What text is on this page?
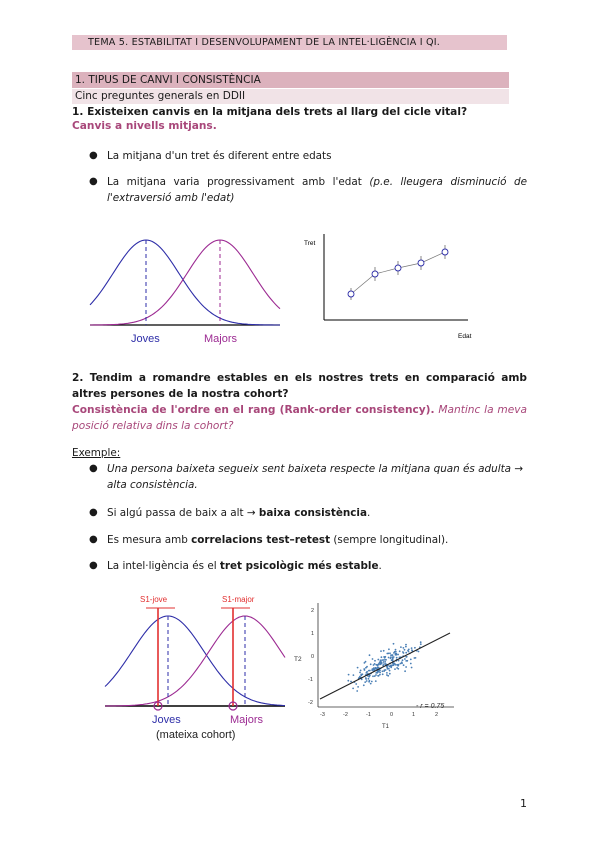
TEMA 5. ESTABILITAT I DESENVOLUPAMENT DE LA INTEL·LIGÈNCIA I QI.
1. TIPUS DE CANVI I CONSISTÈNCIA
Cinc preguntes generals en DDII
1. Existeixen canvis en la mitjana dels trets al llarg del cicle vital?
Canvis a nivells mitjans.
● La mitjana d'un tret és diferent entre edats
● La mitjana varia progressivament amb l'edat (p.e. lleugera disminució de l'extraversió amb l'edat)
Joves	Majors
Tret
Edat
2. Tendim a romandre estables en els nostres trets en comparació amb altres persones de la nostra cohort?
Consistència de l'ordre en el rang (Rank-order consistency). Mantinc la meva posició relativa dins la cohort?
Exemple:
● Una persona baixeta segueix sent baixeta respecte la mitjana quan és adulta → alta consistència.
● Si algú passa de baix a alt → baixa consistència.
● Es mesura amb correlacions test–retest (sempre longitudinal).
● La intel·ligència és el tret psicològic més estable.
S1-jove	S1-major
Joves	Majors
(mateixa cohort)
2
1
0
-1
-2
-3	-2	-1	0	1	2
T2
T1
- r = 0.75
1
